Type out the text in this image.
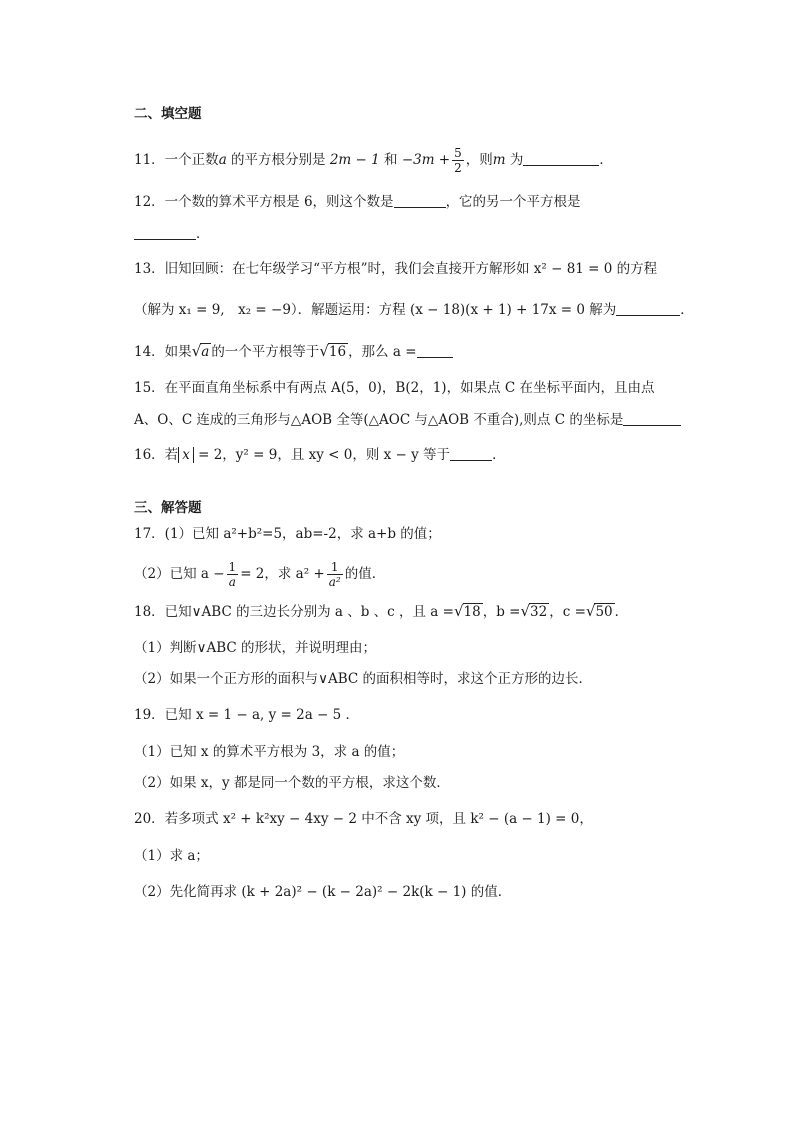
二、填空题
11．一个正数a 的平方根分别是 2m − 1 和 $-3m + \frac{5}{2}$ ，则m 为	．
12．一个数的算术平方根是 6，则这个数是	，它的另一个平方根是
．
13．旧知回顾：在七年级学习“平方根”时，我们会直接开方解形如 x² − 81 = 0 的方程
（解为 x₁ = 9,　x₂ = −9）．解题运用：方程 (x − 18)(x + 1) + 17x = 0 解为	．
14．如果√a 的一个平方根等于√16 ，那么 a =
15．在平面直角坐标系中有两点 A(5，0)，B(2，1)，如果点 C 在坐标平面内，且由点
A、O、C 连成的三角形与△AOB 全等(△AOC 与△AOB 不重合),则点 C 的坐标是
16．若 x = 2，y² = 9，且 xy < 0，则 x − y 等于	．
三、解答题
17．(1）已知 a²+b²=5，ab=-2，求 a+b 的值；
（2）已知 $a - \frac{1}{a} = 2$，求 $a^2 + \frac{1}{\text{a²}}$ 的值．
18．已知∨ABC 的三边长分别为 a 、b 、c ，且 a =√18 ，b =√32 ，c =√50 ．
（1）判断∨ABC 的形状，并说明理由；
（2）如果一个正方形的面积与∨ABC 的面积相等时，求这个正方形的边长．
19．已知 x = 1 − a, y = 2a − 5 ．
（1）已知 x 的算术平方根为 3，求 a 的值；
（2）如果 x，y 都是同一个数的平方根，求这个数．
20．若多项式 x² + k²xy − 4xy − 2 中不含 xy 项，且 k² − (a − 1) = 0，
（1）求 a；
（2）先化简再求 (k + 2a)² − (k − 2a)² − 2k(k − 1) 的值．
